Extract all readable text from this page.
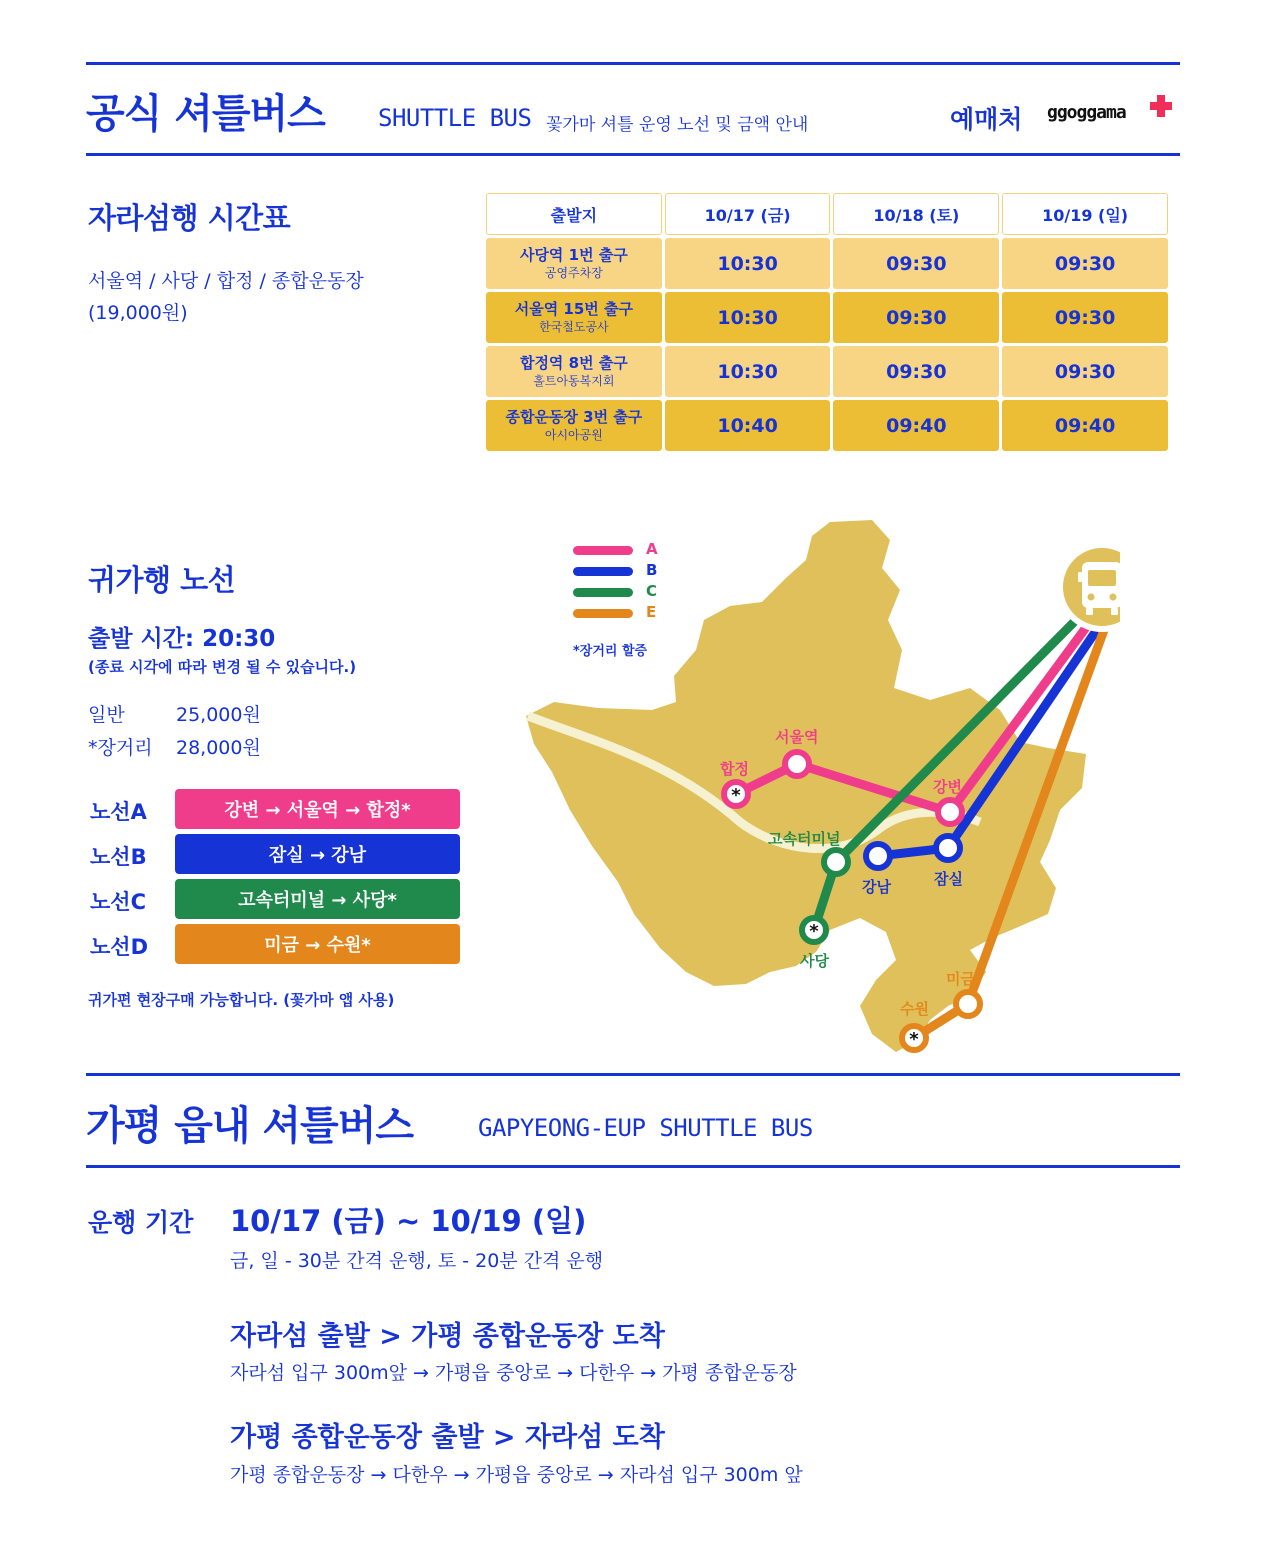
공식 셔틀버스 SHUTTLE BUS 꽃가마 셔틀 운영 노선 및 금액 안내	예매처 ggoggama
자라섬행 시간표
서울역 / 사당 / 합정 / 종합운동장
(19,000원)
출발지	10/17 (금)	10/18 (토)	10/19 (일)
사당역 1번 출구
공영주차장	10:30	09:30	09:30
서울역 15번 출구
한국철도공사	10:30	09:30	09:30
합정역 8번 출구
홀트아동복지회	10:30	09:30	09:30
종합운동장 3번 출구
아시아공원	10:40	09:40	09:40
귀가행 노선
출발 시간: 20:30
(종료 시각에 따라 변경 될 수 있습니다.)
일반	25,000원
*장거리 28,000원
노선A	강변 → 서울역 → 합정*
노선B	잠실 → 강남
노선C	고속터미널 → 사당*
노선D	미금 → 수원*
귀가편 현장구매 가능합니다. (꽃가마 앱 사용)
*
*
*
합정
서울역
강변
고속터미널
강남	잠실
사당
미금
수원
A
B
C
E
*장거리 할증
가평 읍내 셔틀버스	GAPYEONG-EUP SHUTTLE BUS
운행 기간 10/17 (금) ~ 10/19 (일)
금, 일 - 30분 간격 운행, 토 - 20분 간격 운행
자라섬 출발 > 가평 종합운동장 도착
자라섬 입구 300m앞 → 가평읍 중앙로 → 다한우 → 가평 종합운동장
가평 종합운동장 출발 > 자라섬 도착
가평 종합운동장 → 다한우 → 가평읍 중앙로 → 자라섬 입구 300m 앞
